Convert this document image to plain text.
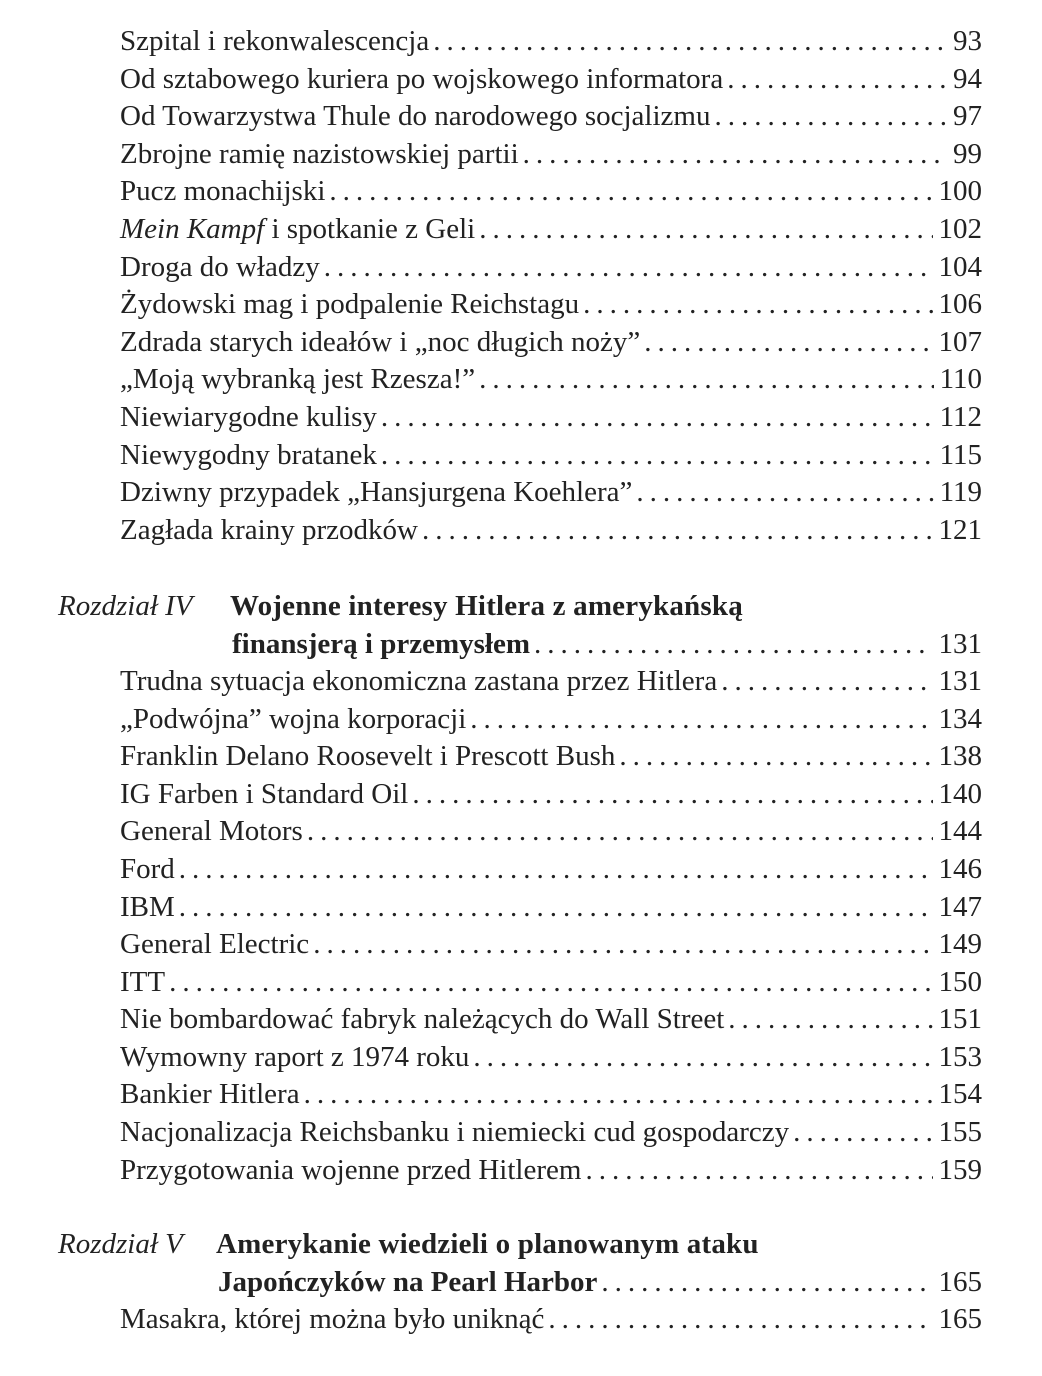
Szpital i rekonwalescencja .....	93
Od sztabowego kuriera po wojskowego informatora .....	94
Od Towarzystwa Thule do narodowego socjalizmu .....	97
Zbrojne ramię nazistowskiej partii .....	99
Pucz monachijski .....	100
Mein Kampf i spotkanie z Geli .....	102
Droga do władzy .....	104
Żydowski mag i podpalenie Reichstagu .....	106
Zdrada starych ideałów i „noc długich noży” .....	107
„Moją wybranką jest Rzesza!” .....	110
Niewiarygodne kulisy .....	112
Niewygodny bratanek .....	115
Dziwny przypadek „Hansjurgena Koehlera” .....	119
Zagłada krainy przodków .....	121
Rozdział IV Wojenne interesy Hitlera z amerykańską
finansjerą i przemysłem .....	131
Trudna sytuacja ekonomiczna zastana przez Hitlera .....	131
„Podwójna” wojna korporacji .....	134
Franklin Delano Roosevelt i Prescott Bush .....	138
IG Farben i Standard Oil .....	140
General Motors .....	144
Ford .....	146
IBM .....	147
General Electric .....	149
ITT .....	150
Nie bombardować fabryk należących do Wall Street .....	151
Wymowny raport z 1974 roku .....	153
Bankier Hitlera .....	154
Nacjonalizacja Reichsbanku i niemiecki cud gospodarczy .....	155
Przygotowania wojenne przed Hitlerem .....	159
Rozdział V Amerykanie wiedzieli o planowanym ataku
Japończyków na Pearl Harbor .....	165
Masakra, której można było uniknąć .....	165
